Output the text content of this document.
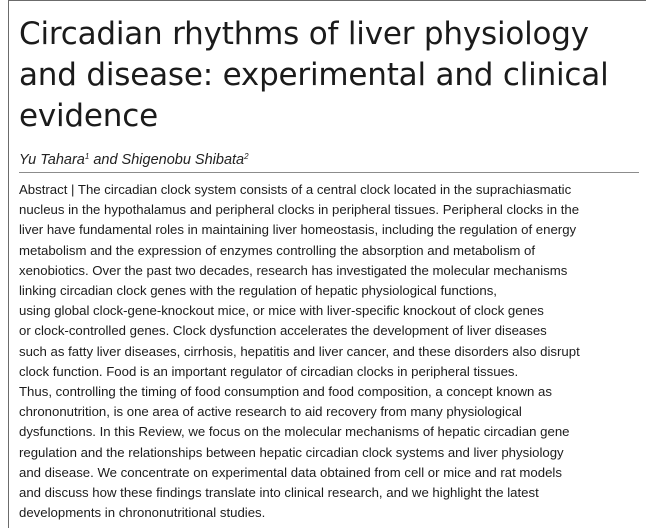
Circadian rhythms of liver physiology
and disease: experimental and clinical
evidence
Yu Tahara$^1$ and Shigenobu Shibata$^2$
Abstract | The circadian clock system consists of a central clock located in the suprachiasmatic
nucleus in the hypothalamus and peripheral clocks in peripheral tissues. Peripheral clocks in the
liver have fundamental roles in maintaining liver homeostasis, including the regulation of energy
metabolism and the expression of enzymes controlling the absorption and metabolism of
xenobiotics. Over the past two decades, research has investigated the molecular mechanisms
linking circadian clock genes with the regulation of hepatic physiological functions,
using global clock-gene-knockout mice, or mice with liver-specific knockout of clock genes
or clock-controlled genes. Clock dysfunction accelerates the development of liver diseases
such as fatty liver diseases, cirrhosis, hepatitis and liver cancer, and these disorders also disrupt
clock function. Food is an important regulator of circadian clocks in peripheral tissues.
Thus, controlling the timing of food consumption and food composition, a concept known as
chrononutrition, is one area of active research to aid recovery from many physiological
dysfunctions. In this Review, we focus on the molecular mechanisms of hepatic circadian gene
regulation and the relationships between hepatic circadian clock systems and liver physiology
and disease. We concentrate on experimental data obtained from cell or mice and rat models
and discuss how these findings translate into clinical research, and we highlight the latest
developments in chrononutritional studies.
